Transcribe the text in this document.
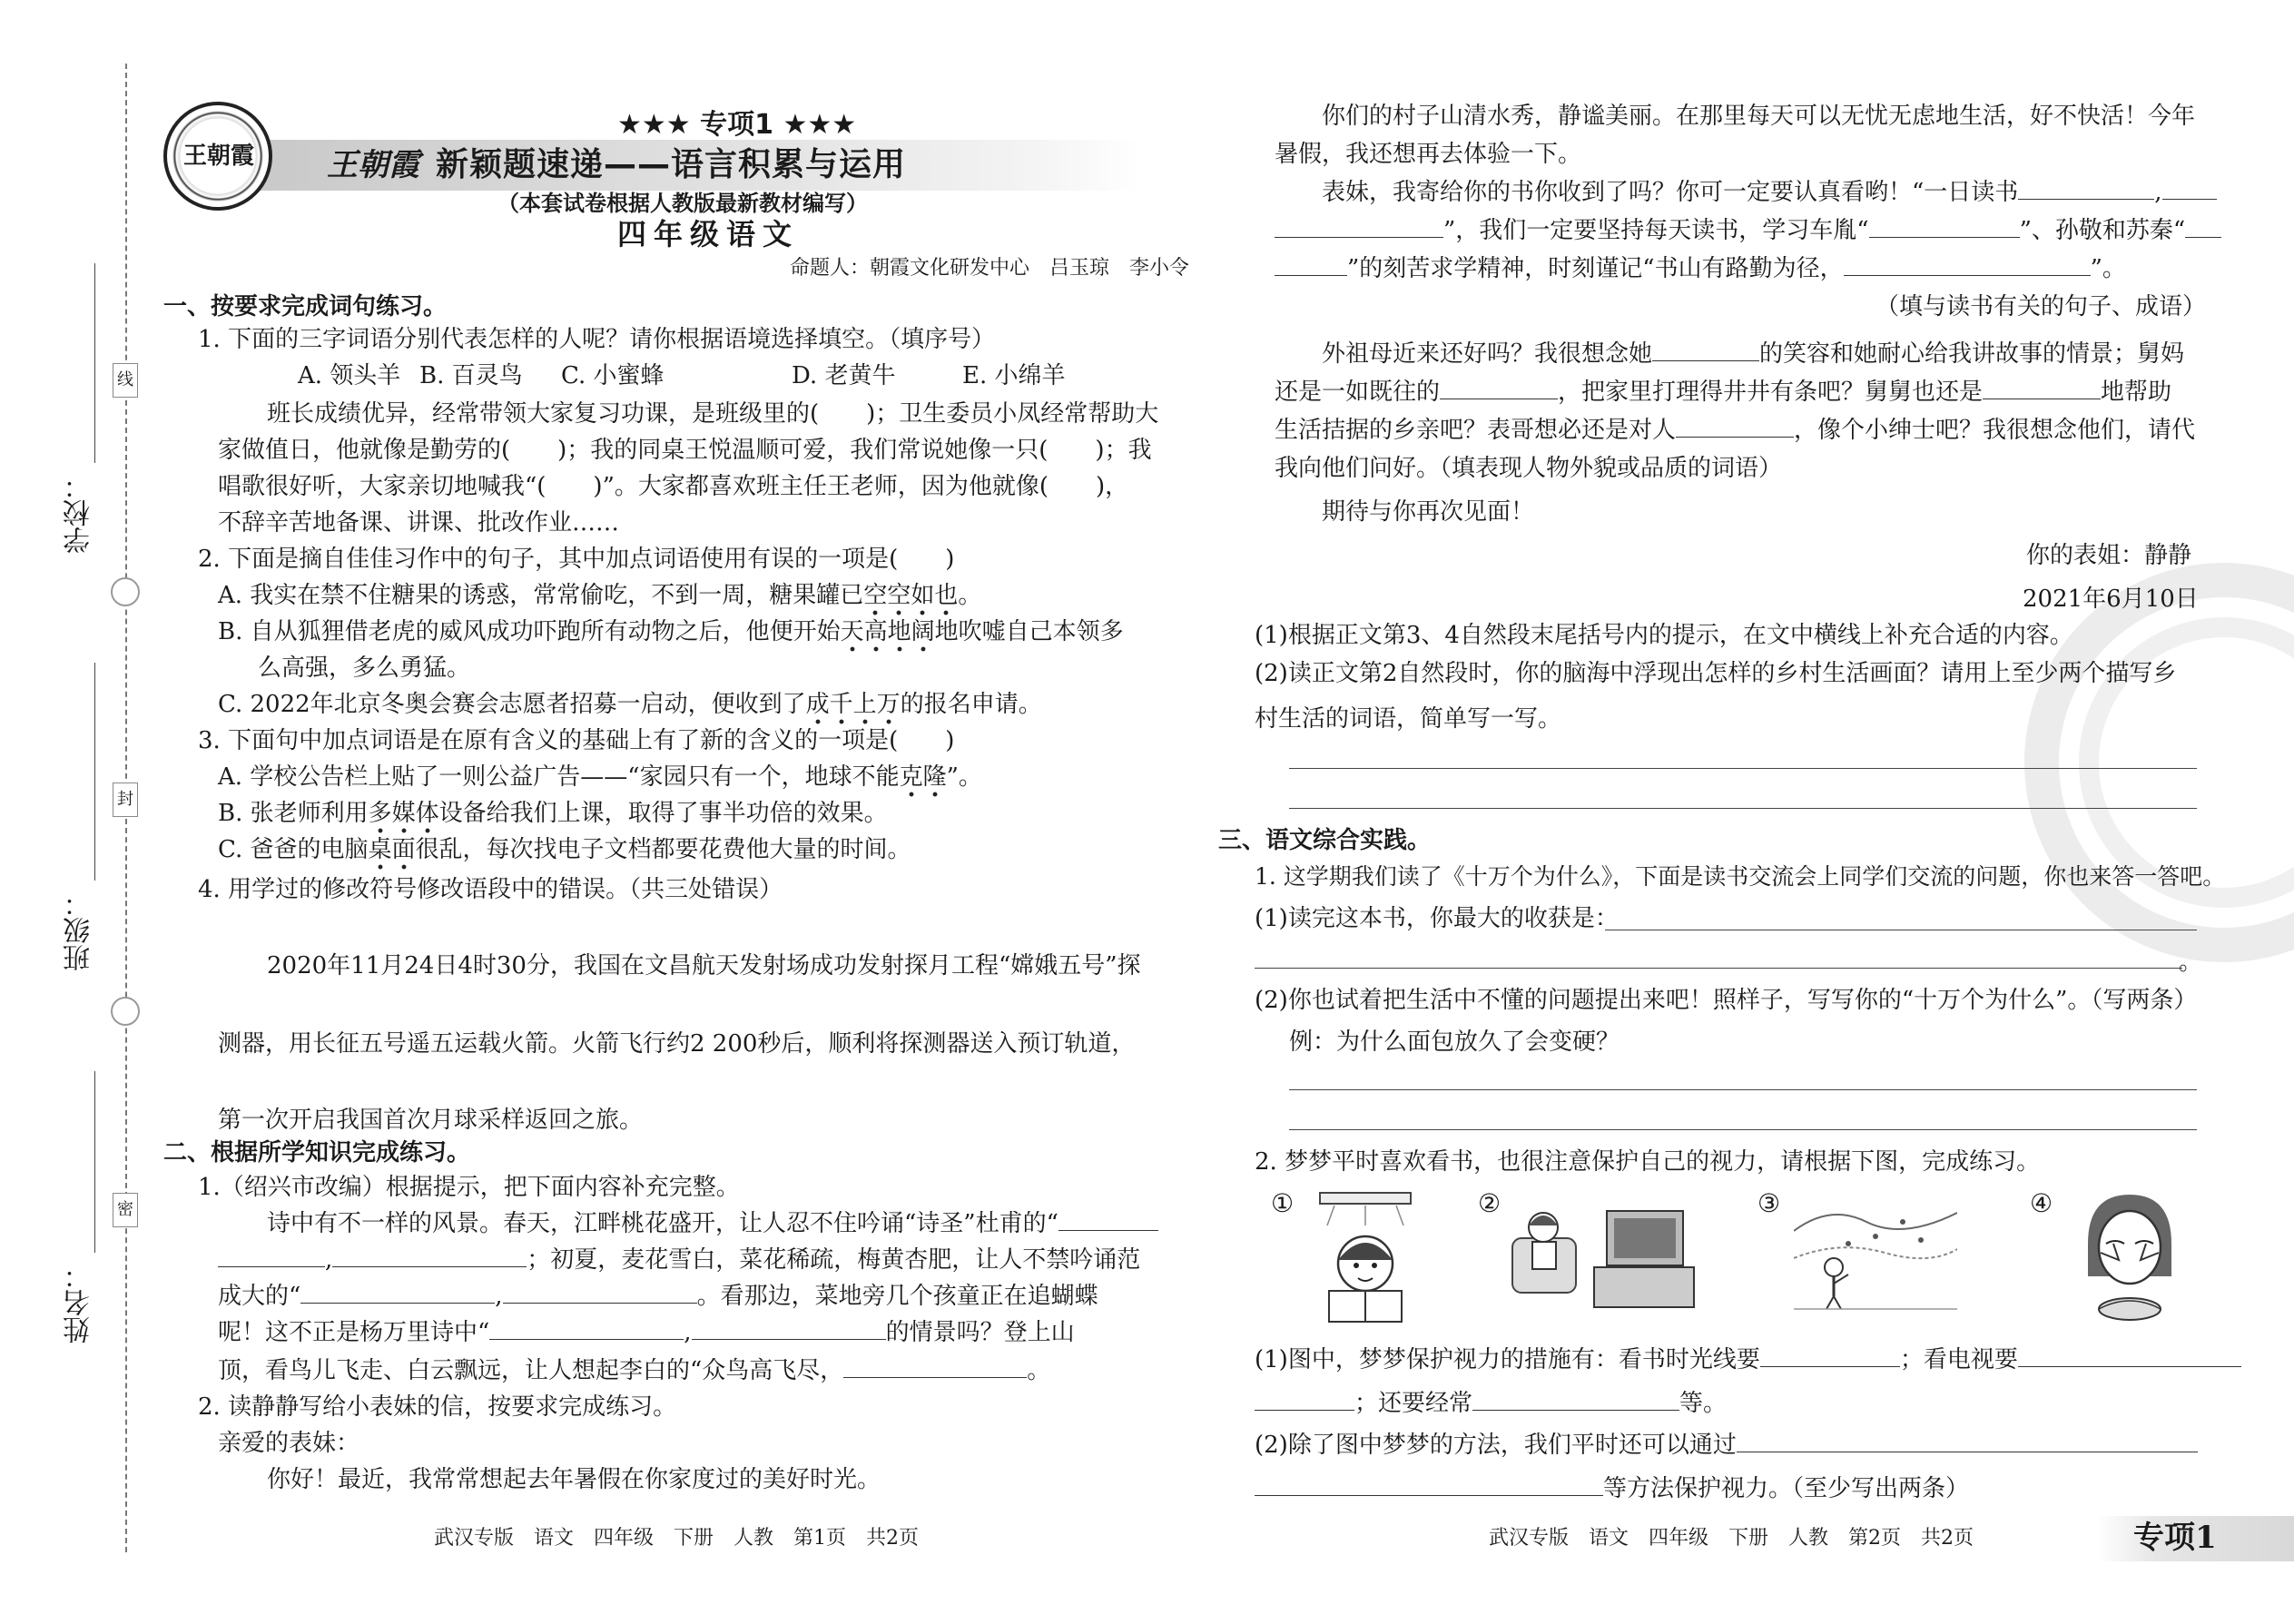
学校：
班级：
姓名：
线
封
密
王朝霞
★★★ 专项1 ★★★
王朝霞 新颖题速递——语言积累与运用
（本套试卷根据人教版最新教材编写）
四年级语文
命题人：朝霞文化研发中心　吕玉琼　李小令
一、按要求完成词句练习。
1. 下面的三字词语分别代表怎样的人呢？请你根据语境选择填空。（填序号）
A. 领头羊 B. 百灵鸟 C. 小蜜蜂	D. 老黄牛	E. 小绵羊
班长成绩优异，经常带领大家复习功课，是班级里的(　　)；卫生委员小凤经常帮助大
家做值日，他就像是勤劳的(　　)；我的同桌王悦温顺可爱，我们常说她像一只(　　)；我
唱歌很好听，大家亲切地喊我“(　　)”。大家都喜欢班主任王老师，因为他就像(　　)，
不辞辛苦地备课、讲课、批改作业……
2. 下面是摘自佳佳习作中的句子，其中加点词语使用有误的一项是(　　)
A. 我实在禁不住糖果的诱惑，常常偷吃，不到一周，糖果罐已空空如也。
B. 自从狐狸借老虎的威风成功吓跑所有动物之后，他便开始天高地阔地吹嘘自己本领多
么高强，多么勇猛。
C. 2022年北京冬奥会赛会志愿者招募一启动，便收到了成千上万的报名申请。
3. 下面句中加点词语是在原有含义的基础上有了新的含义的一项是(　　)
A. 学校公告栏上贴了一则公益广告——“家园只有一个，地球不能克隆”。
B. 张老师利用多媒体设备给我们上课，取得了事半功倍的效果。
C. 爸爸的电脑桌面很乱，每次找电子文档都要花费他大量的时间。
4. 用学过的修改符号修改语段中的错误。（共三处错误）
2020年11月24日4时30分，我国在文昌航天发射场成功发射探月工程“嫦娥五号”探
测器，用长征五号遥五运载火箭。火箭飞行约2 200秒后，顺利将探测器送入预订轨道，
第一次开启我国首次月球采样返回之旅。
二、根据所学知识完成练习。
1.（绍兴市改编）根据提示，把下面内容补充完整。
诗中有不一样的风景。春天，江畔桃花盛开，让人忍不住吟诵“诗圣”杜甫的“
,	；初夏，麦花雪白，菜花稀疏，梅黄杏肥，让人不禁吟诵范
成大的“	,	。看那边，菜地旁几个孩童正在追蝴蝶
呢！这不正是杨万里诗中“	,	的情景吗？登上山
顶，看鸟儿飞走、白云飘远，让人想起李白的“众鸟高飞尽，	。
2. 读静静写给小表妹的信，按要求完成练习。
亲爱的表妹：
你好！最近，我常常想起去年暑假在你家度过的美好时光。
武汉专版　语文　四年级　下册　人教　第1页　共2页
你们的村子山清水秀，静谧美丽。在那里每天可以无忧无虑地生活，好不快活！今年
暑假，我还想再去体验一下。
表妹，我寄给你的书你收到了吗？你可一定要认真看哟！“一日读书	,
”，我们一定要坚持每天读书，学习车胤“	”、孙敬和苏秦“
”的刻苦求学精神，时刻谨记“书山有路勤为径，	”。
（填与读书有关的句子、成语）
外祖母近来还好吗？我很想念她	的笑容和她耐心给我讲故事的情景；舅妈
还是一如既往的	，把家里打理得井井有条吧？舅舅也还是	地帮助
生活拮据的乡亲吧？表哥想必还是对人	，像个小绅士吧？我很想念他们，请代
我向他们问好。（填表现人物外貌或品质的词语）
期待与你再次见面！
你的表姐：静静
2021年6月10日
(1)根据正文第3、4自然段末尾括号内的提示，在文中横线上补充合适的内容。
(2)读正文第2自然段时，你的脑海中浮现出怎样的乡村生活画面？请用上至少两个描写乡
村生活的词语，简单写一写。
三、语文综合实践。
1. 这学期我们读了《十万个为什么》，下面是读书交流会上同学们交流的问题，你也来答一答吧。
(1)读完这本书，你最大的收获是：
。
(2)你也试着把生活中不懂的问题提出来吧！照样子，写写你的“十万个为什么”。（写两条）
例：为什么面包放久了会变硬？
2. 梦梦平时喜欢看书，也很注意保护自己的视力，请根据下图，完成练习。
①	②	③	④
(1)图中，梦梦保护视力的措施有：看书时光线要	；看电视要
；还要经常	等。
(2)除了图中梦梦的方法，我们平时还可以通过
等方法保护视力。（至少写出两条）
武汉专版　语文　四年级　下册　人教　第2页　共2页	专项1
